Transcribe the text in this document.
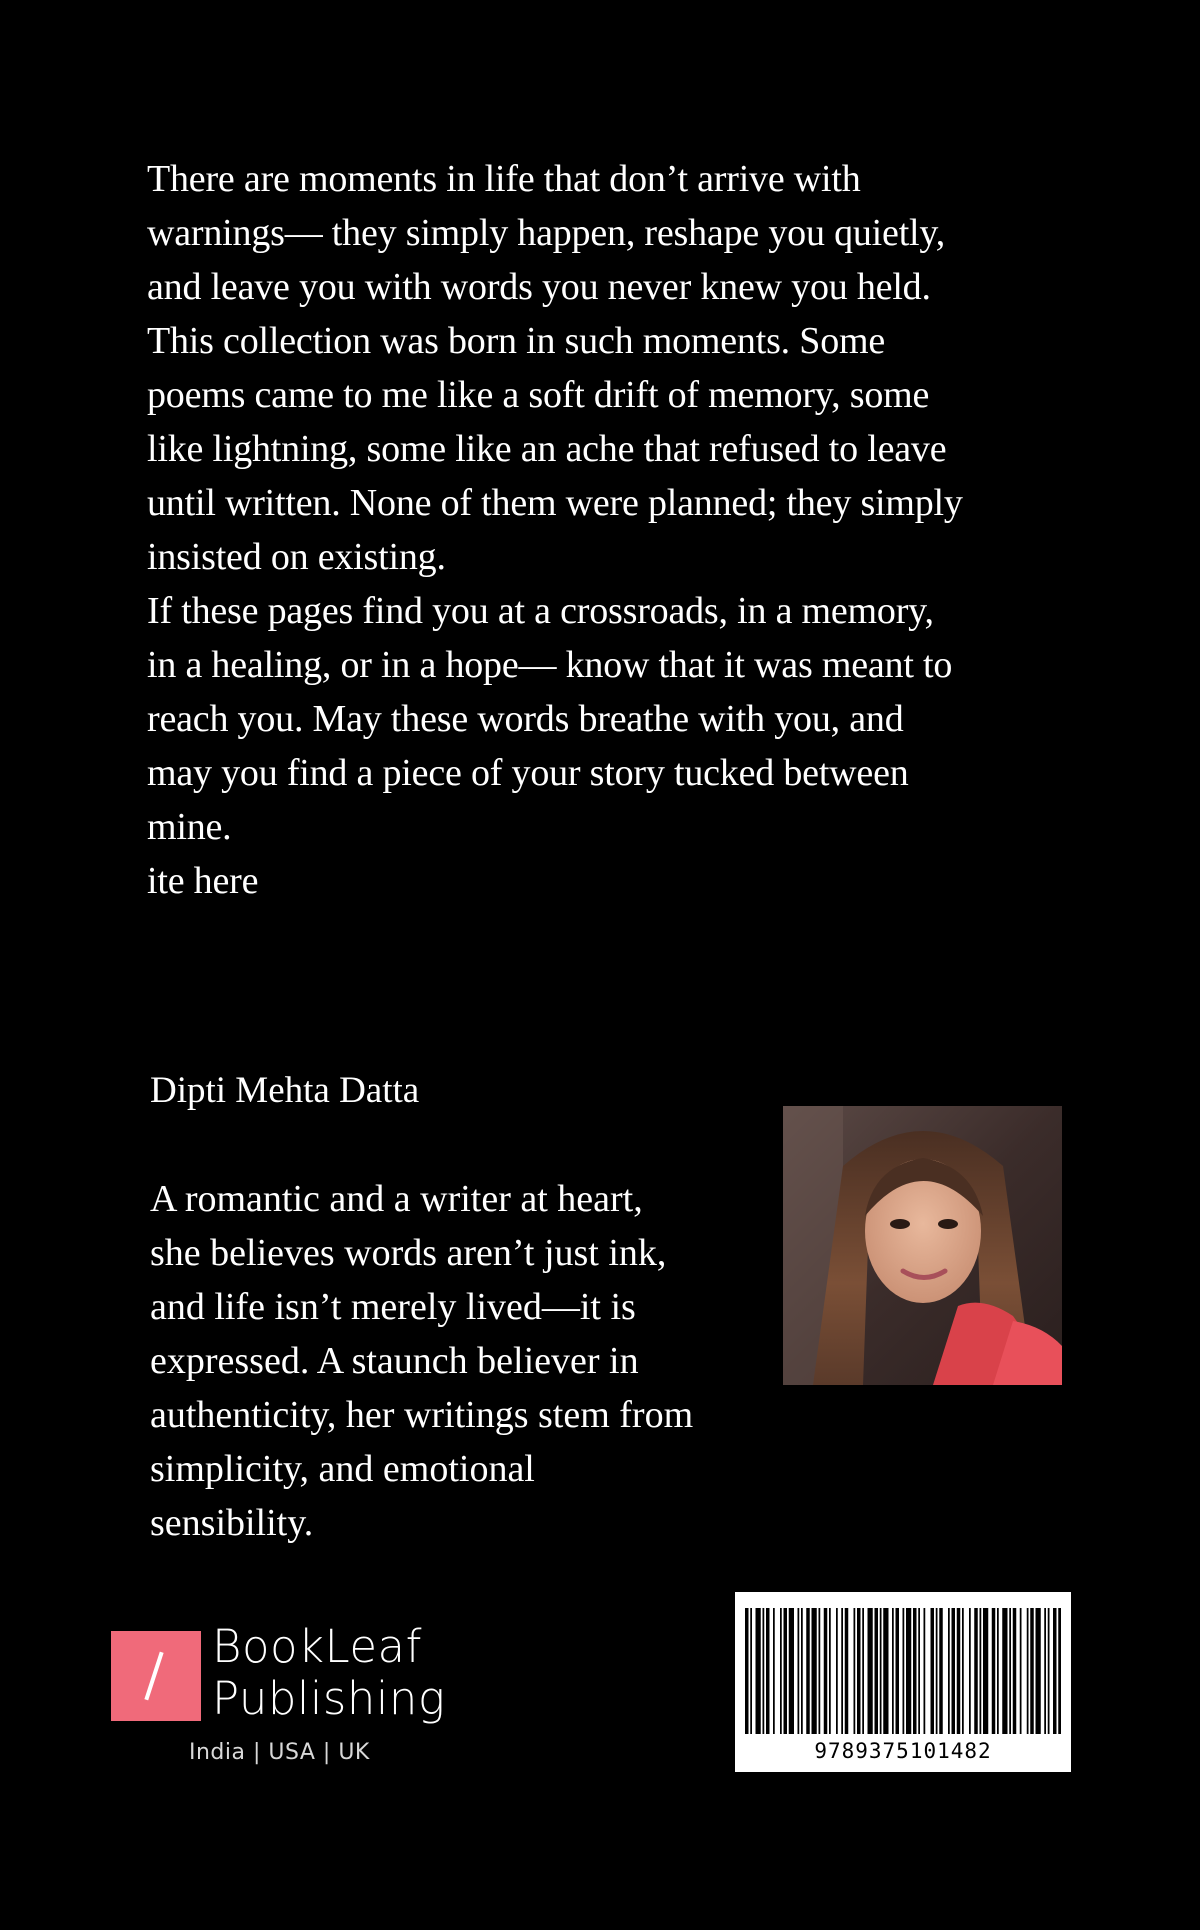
There are moments in life that don’t arrive with
warnings— they simply happen, reshape you quietly,
and leave you with words you never knew you held.
This collection was born in such moments. Some
poems came to me like a soft drift of memory, some
like lightning, some like an ache that refused to leave
until written. None of them were planned; they simply
insisted on existing.

If these pages find you at a crossroads, in a memory,
in a healing, or in a hope— know that it was meant to
reach you. May these words breathe with you, and
may you find a piece of your story tucked between
mine.

ite here

Dipti Mehta Datta
A romantic and a writer at heart,
she believes words aren’t just ink,
and life isn’t merely lived—it is
expressed. A staunch believer in
authenticity, her writings stem from
simplicity, and emotional
sensibility.
BookLeaf
Publishing
India | USA | UK	9789375101482
